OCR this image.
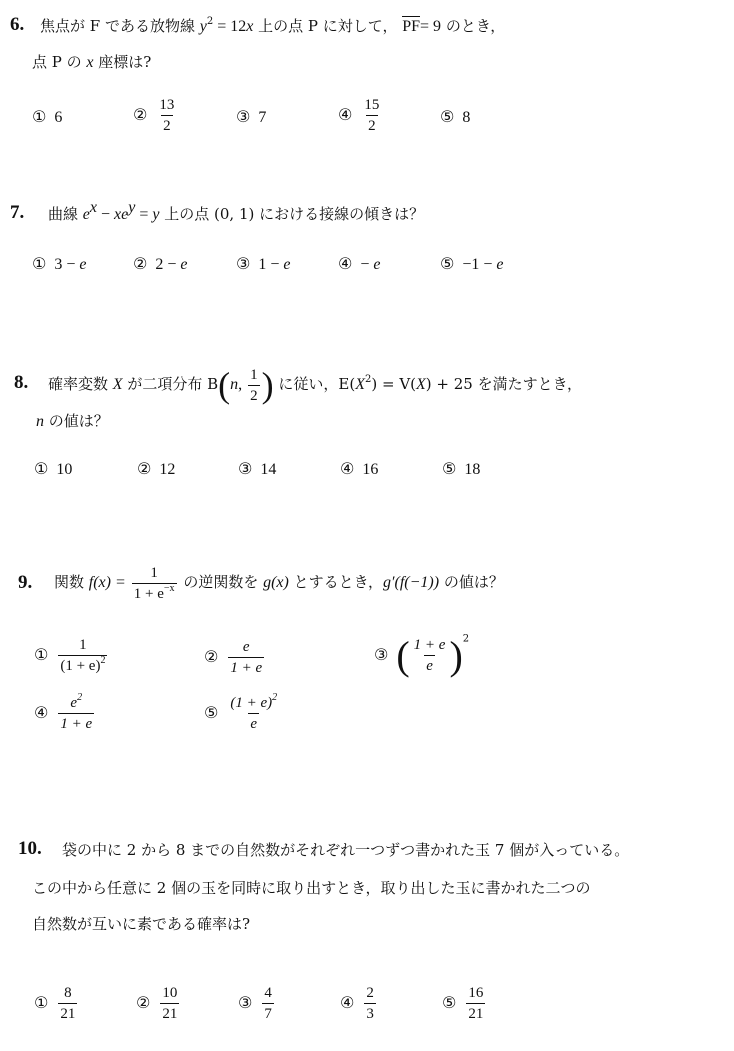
6. 焦点が F である放物線 $y^2 = 12x$ 上の点 P に対して， PF= 9 のとき，
点 P の x 座標は?
① 6	② $\frac{13}{2}$	③ 7	④ $\frac{15}{2}$	⑤ 8
7. 曲線 $e^x - xe^y = y$ 上の点 (0, 1) における接線の傾きは？
① 3 − e	② 2 − e	③ 1 − e	④ − e	⑤ −1 − e
8. 確率変数 X が二項分布 B(n, $\frac{1}{2}$ ) に従い，$E(X^2) = V(X) + 25$ を満たすとき，
n の値は？
① 10	② 12	③ 14	④ 16	⑤ 18
9. 関数 $f(x) = \frac{1}{1 + e^{-x}}$ の逆関数を g(x) とするとき，g′(f(−1)) の値は？
① $\frac{1}{(1 + e)^2}$	② $\frac{e}{1 + e}$	③ ( $\frac{1 + e}{e} )^2$
④ $\frac{e^2}{1 + e}$	⑤ $\frac{(1 + e)^2}{e}$
10. 袋の中に 2 から 8 までの自然数がそれぞれ一つずつ書かれた玉 7 個が入っている。
この中から任意に 2 個の玉を同時に取り出すとき，取り出した玉に書かれた二つの
自然数が互いに素である確率は?
① $\frac{8}{21}$	② $\frac{10}{21}$	③ $\frac{4}{7}$	④ $\frac{2}{3}$	⑤ $\frac{16}{21}$
